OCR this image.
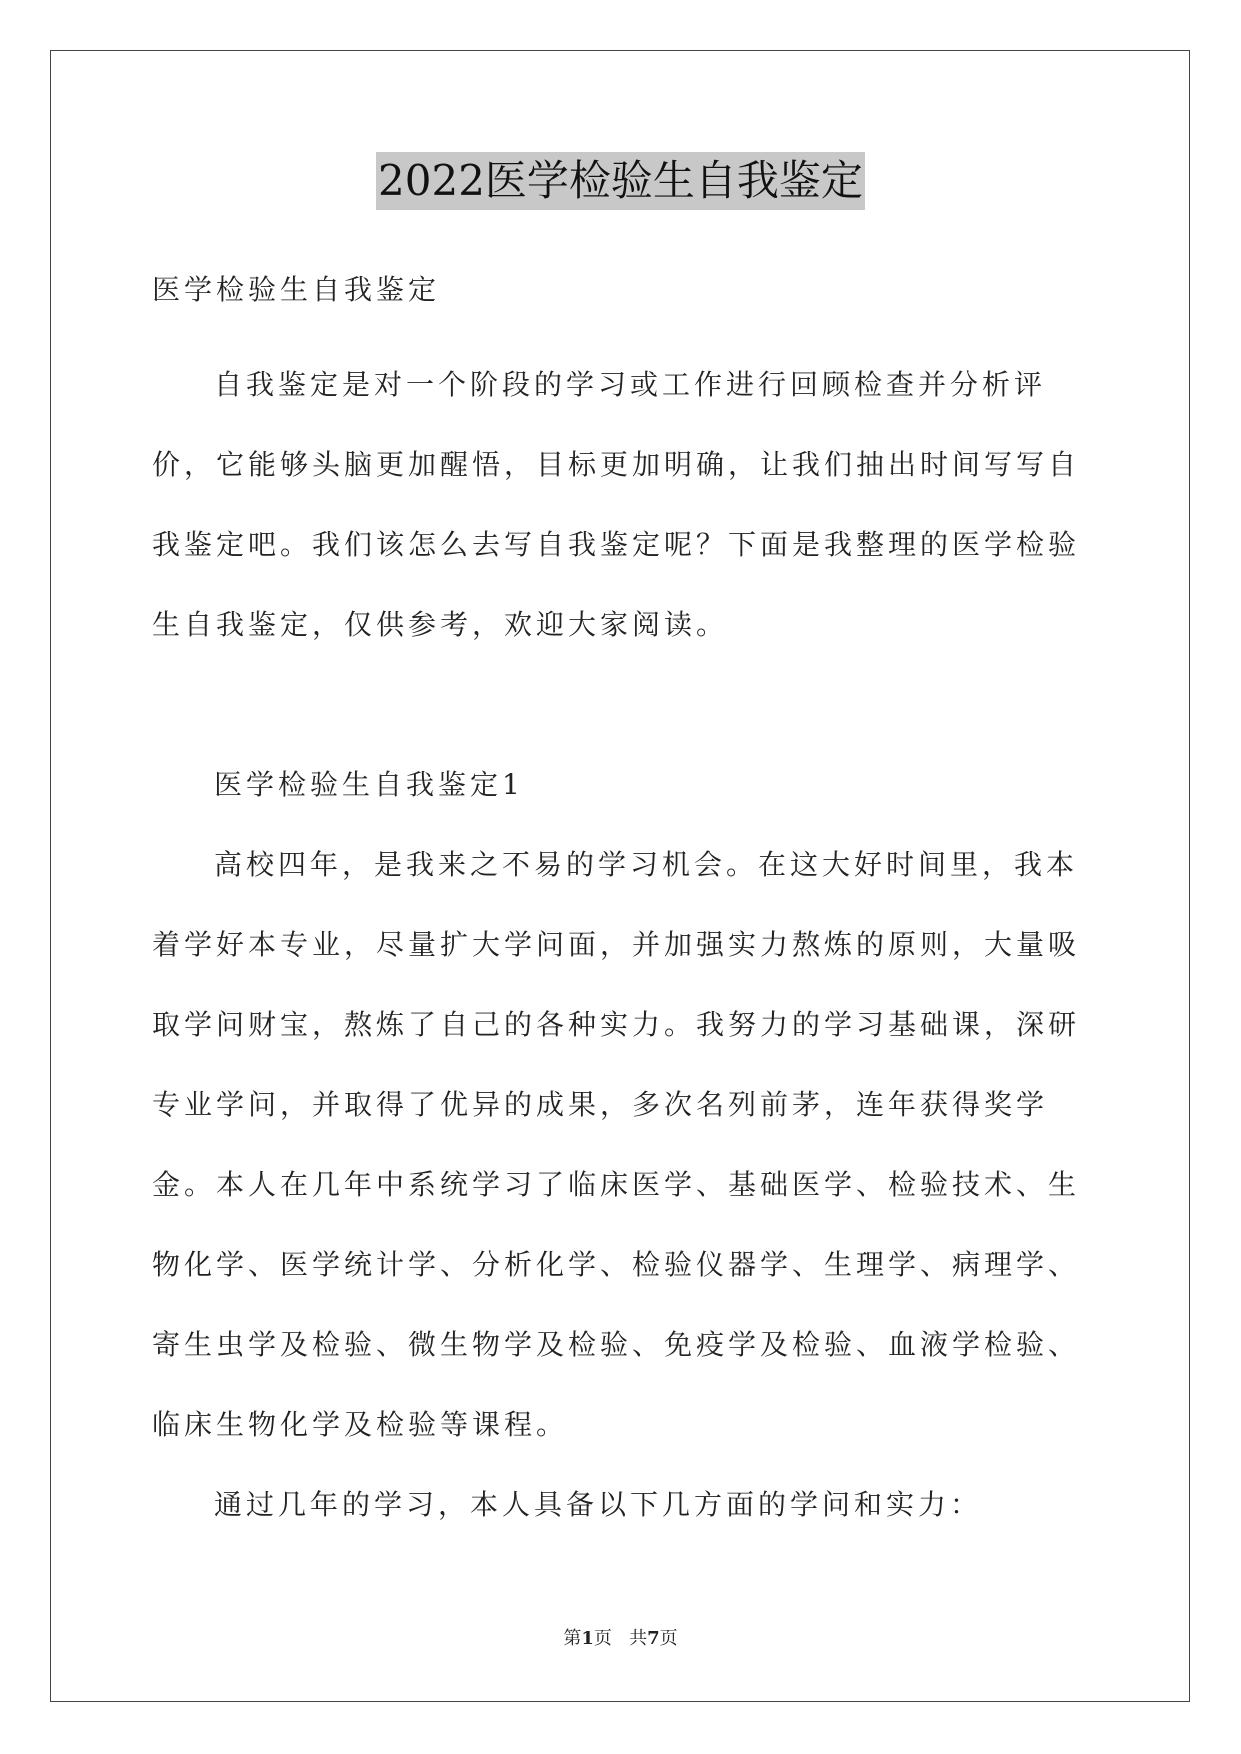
2022医学检验生自我鉴定

医学检验生自我鉴定

自我鉴定是对一个阶段的学习或工作进行回顾检查并分析评价，它能够头脑更加醒悟，目标更加明确，让我们抽出时间写写自我鉴定吧。我们该怎么去写自我鉴定呢？下面是我整理的医学检验生自我鉴定，仅供参考，欢迎大家阅读。

医学检验生自我鉴定1

高校四年，是我来之不易的学习机会。在这大好时间里，我本着学好本专业，尽量扩大学问面，并加强实力熬炼的原则，大量吸取学问财宝，熬炼了自己的各种实力。我努力的学习基础课，深研专业学问，并取得了优异的成果，多次名列前茅，连年获得奖学金。本人在几年中系统学习了临床医学、基础医学、检验技术、生物化学、医学统计学、分析化学、检验仪器学、生理学、病理学、寄生虫学及检验、微生物学及检验、免疫学及检验、血液学检验、临床生物化学及检验等课程。

通过几年的学习，本人具备以下几方面的学问和实力：

第1页 共7页
